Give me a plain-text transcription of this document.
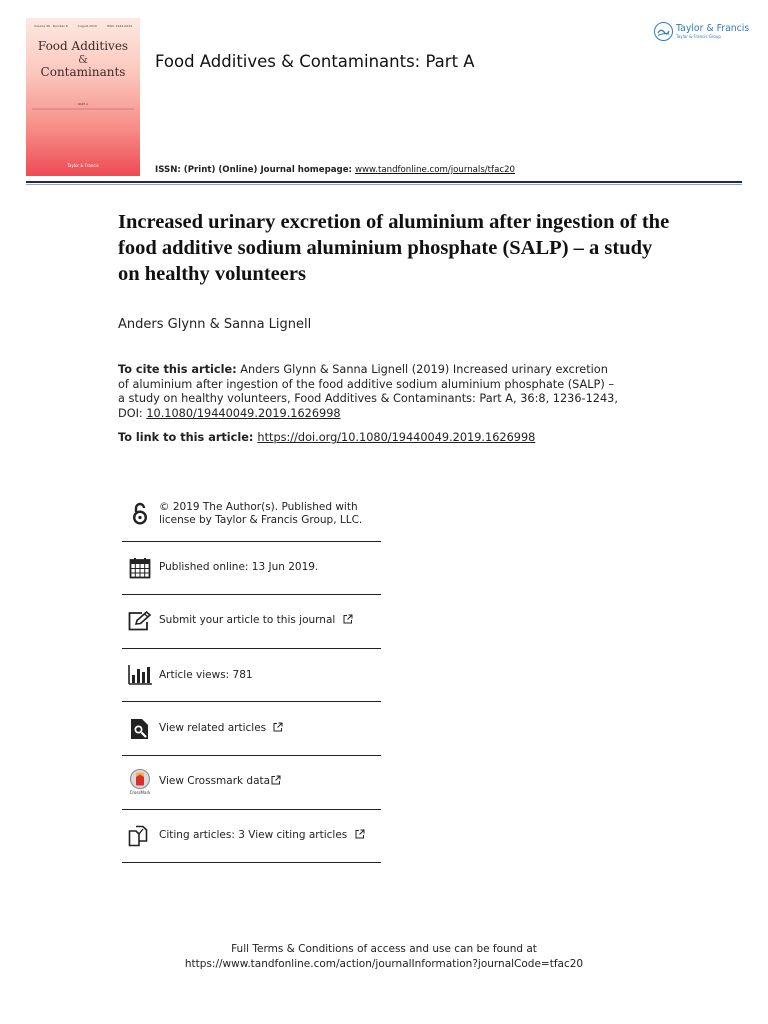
Volume 36 · Number 8	August 2019	ISSN: 1944-0049
Food Additives
&
Contaminants
PART A
Taylor & Francis
Food Additives & Contaminants: Part A
ISSN: (Print) (Online) Journal homepage: www.tandfonline.com/journals/tfac20
Taylor & Francis
Taylor & Francis Group
Increased urinary excretion of aluminium after ingestion of the food additive sodium aluminium phosphate (SALP) – a study on healthy volunteers
Anders Glynn & Sanna Lignell
To cite this article: Anders Glynn & Sanna Lignell (2019) Increased urinary excretion of aluminium after ingestion of the food additive sodium aluminium phosphate (SALP) – a study on healthy volunteers, Food Additives & Contaminants: Part A, 36:8, 1236-1243, DOI: 10.1080/19440049.2019.1626998
To link to this article: https://doi.org/10.1080/19440049.2019.1626998
© 2019 The Author(s). Published with license by Taylor & Francis Group, LLC.
Published online: 13 Jun 2019.
Submit your article to this journal
Article views: 781
View related articles
CrossMark
View Crossmark data
Citing articles: 3 View citing articles
Full Terms & Conditions of access and use can be found at
https://www.tandfonline.com/action/journalInformation?journalCode=tfac20
